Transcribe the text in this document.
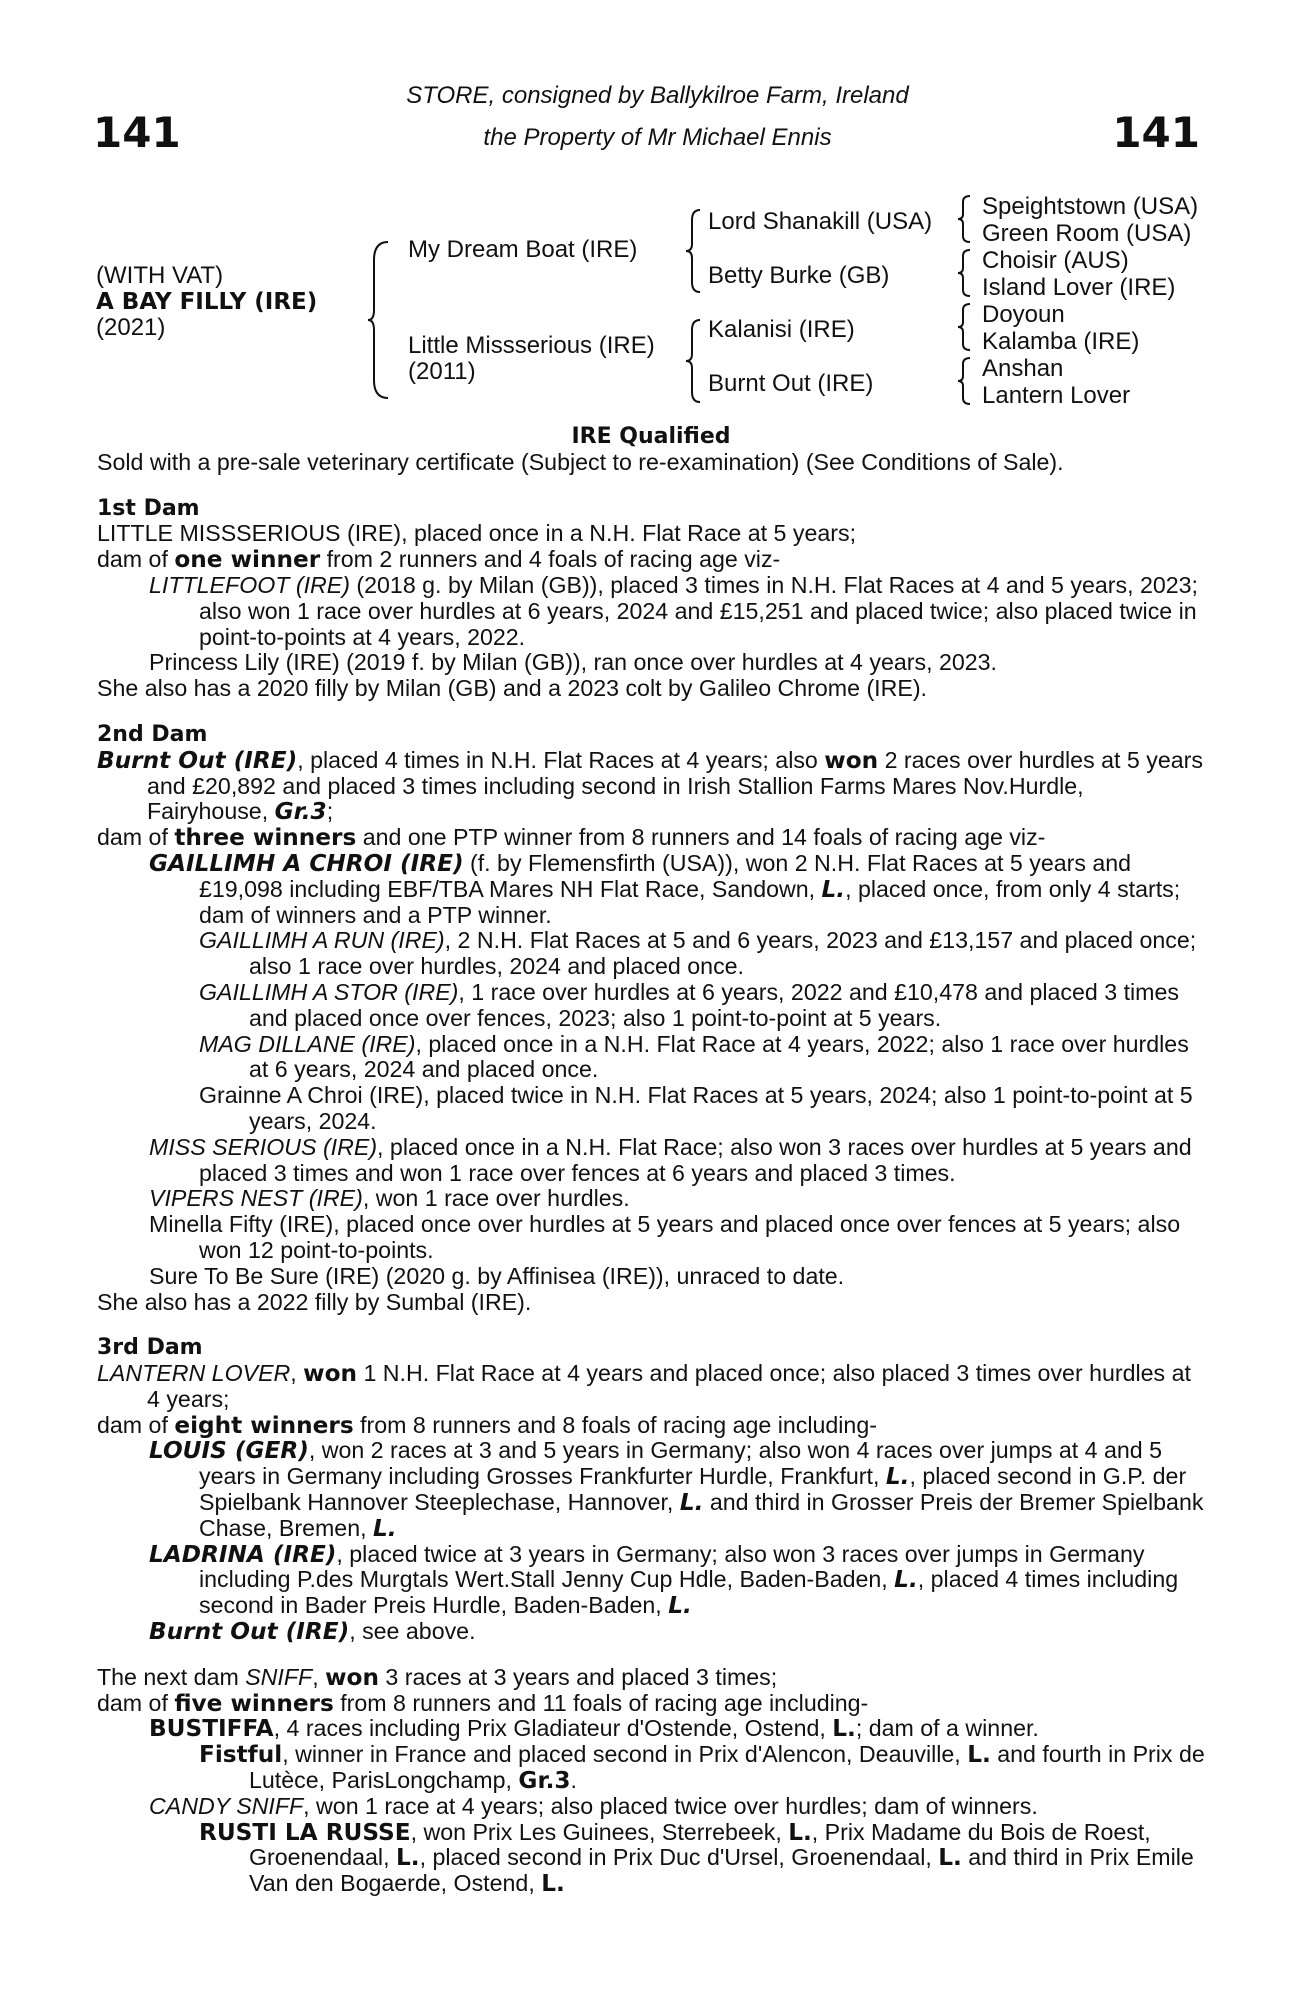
141	141
STORE, consigned by Ballykilroe Farm, Ireland
the Property of Mr Michael Ennis
(WITH VAT)
A BAY FILLY (IRE)
(2021)
My Dream Boat (IRE)
Little Missserious (IRE)
(2011)
Lord Shanakill (USA)
Betty Burke (GB)
Kalanisi (IRE)
Burnt Out (IRE)
Speightstown (USA)
Green Room (USA)
Choisir (AUS)
Island Lover (IRE)
Doyoun
Kalamba (IRE)
Anshan
Lantern Lover
IRE Qualified
Sold with a pre-sale veterinary certificate (Subject to re-examination) (See Conditions of Sale).
1st Dam
LITTLE MISSSERIOUS (IRE), placed once in a N.H. Flat Race at 5 years;
dam of one winner from 2 runners and 4 foals of racing age viz-
LITTLEFOOT (IRE) (2018 g. by Milan (GB)), placed 3 times in N.H. Flat Races at 4 and 5 years, 2023; also won 1 race over hurdles at 6 years, 2024 and £15,251 and placed twice; also placed twice in point-to-points at 4 years, 2022.
Princess Lily (IRE) (2019 f. by Milan (GB)), ran once over hurdles at 4 years, 2023.
She also has a 2020 filly by Milan (GB) and a 2023 colt by Galileo Chrome (IRE).
2nd Dam
Burnt Out (IRE), placed 4 times in N.H. Flat Races at 4 years; also won 2 races over hurdles at 5 years and £20,892 and placed 3 times including second in Irish Stallion Farms Mares Nov.Hurdle, Fairyhouse, Gr.3;
dam of three winners and one PTP winner from 8 runners and 14 foals of racing age viz-
GAILLIMH A CHROI (IRE) (f. by Flemensfirth (USA)), won 2 N.H. Flat Races at 5 years and £19,098 including EBF/TBA Mares NH Flat Race, Sandown, L., placed once, from only 4 starts; dam of winners and a PTP winner.
GAILLIMH A RUN (IRE), 2 N.H. Flat Races at 5 and 6 years, 2023 and £13,157 and placed once; also 1 race over hurdles, 2024 and placed once.
GAILLIMH A STOR (IRE), 1 race over hurdles at 6 years, 2022 and £10,478 and placed 3 times and placed once over fences, 2023; also 1 point-to-point at 5 years.
MAG DILLANE (IRE), placed once in a N.H. Flat Race at 4 years, 2022; also 1 race over hurdles at 6 years, 2024 and placed once.
Grainne A Chroi (IRE), placed twice in N.H. Flat Races at 5 years, 2024; also 1 point-to-point at 5 years, 2024.
MISS SERIOUS (IRE), placed once in a N.H. Flat Race; also won 3 races over hurdles at 5 years and placed 3 times and won 1 race over fences at 6 years and placed 3 times.
VIPERS NEST (IRE), won 1 race over hurdles.
Minella Fifty (IRE), placed once over hurdles at 5 years and placed once over fences at 5 years; also won 12 point-to-points.
Sure To Be Sure (IRE) (2020 g. by Affinisea (IRE)), unraced to date.
She also has a 2022 filly by Sumbal (IRE).
3rd Dam
LANTERN LOVER, won 1 N.H. Flat Race at 4 years and placed once; also placed 3 times over hurdles at 4 years;
dam of eight winners from 8 runners and 8 foals of racing age including-
LOUIS (GER), won 2 races at 3 and 5 years in Germany; also won 4 races over jumps at 4 and 5 years in Germany including Grosses Frankfurter Hurdle, Frankfurt, L., placed second in G.P. der Spielbank Hannover Steeplechase, Hannover, L. and third in Grosser Preis der Bremer Spielbank Chase, Bremen, L.
LADRINA (IRE), placed twice at 3 years in Germany; also won 3 races over jumps in Germany including P.des Murgtals Wert.Stall Jenny Cup Hdle, Baden-Baden, L., placed 4 times including second in Bader Preis Hurdle, Baden-Baden, L.
Burnt Out (IRE), see above.
The next dam SNIFF, won 3 races at 3 years and placed 3 times;
dam of five winners from 8 runners and 11 foals of racing age including-
BUSTIFFA, 4 races including Prix Gladiateur d'Ostende, Ostend, L.; dam of a winner.
Fistful, winner in France and placed second in Prix d'Alencon, Deauville, L. and fourth in Prix de Lutèce, ParisLongchamp, Gr.3.
CANDY SNIFF, won 1 race at 4 years; also placed twice over hurdles; dam of winners.
RUSTI LA RUSSE, won Prix Les Guinees, Sterrebeek, L., Prix Madame du Bois de Roest, Groenendaal, L., placed second in Prix Duc d'Ursel, Groenendaal, L. and third in Prix Emile Van den Bogaerde, Ostend, L.
